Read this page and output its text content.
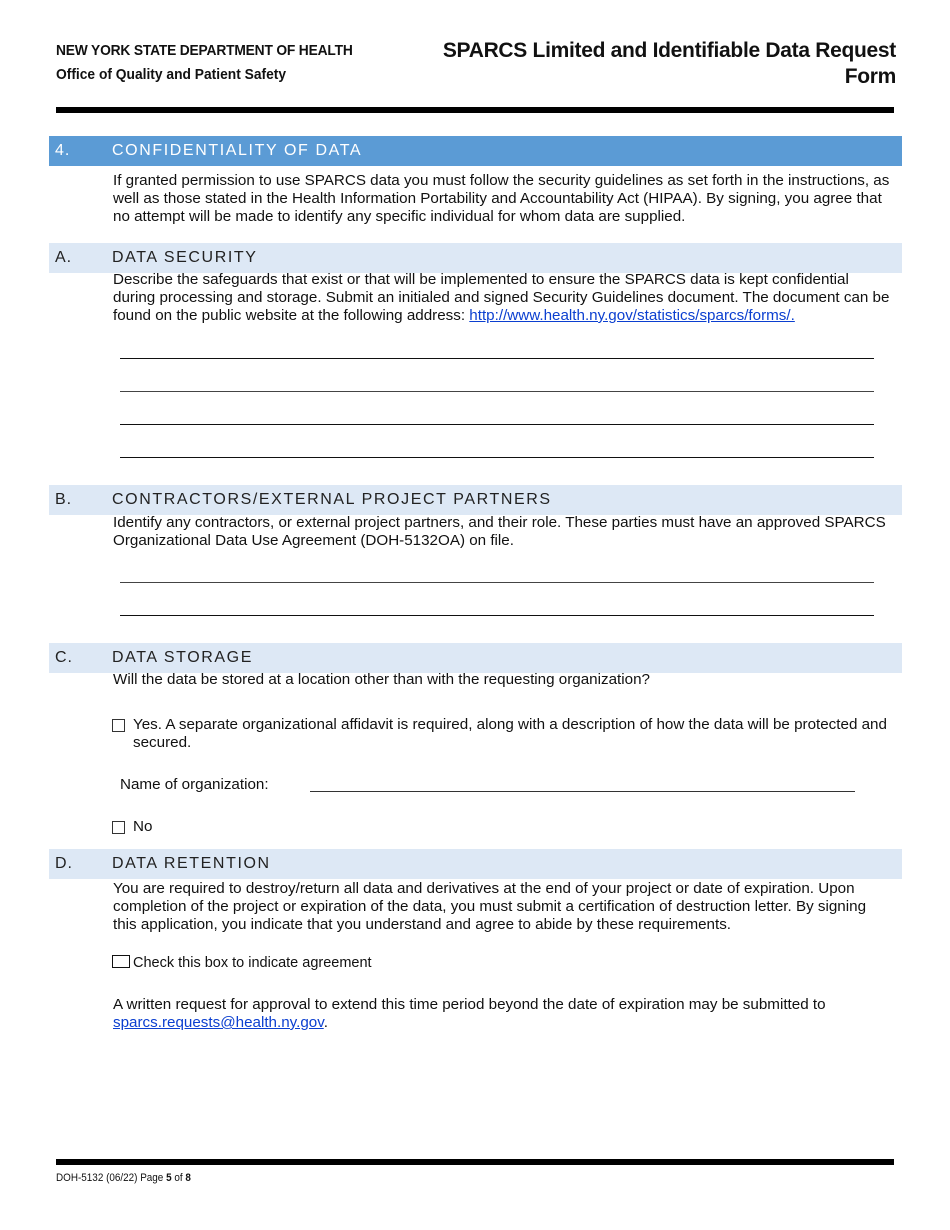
NEW YORK STATE DEPARTMENT OF HEALTH
Office of Quality and Patient Safety
SPARCS Limited and Identifiable Data Request
Form
4.	CONFIDENTIALITY OF DATA
If granted permission to use SPARCS data you must follow the security guidelines as set forth in the instructions, as well as those stated in the Health Information Portability and Accountability Act (HIPAA). By signing, you agree that no attempt will be made to identify any specific individual for whom data are supplied.
A. DATA SECURITY
Describe the safeguards that exist or that will be implemented to ensure the SPARCS data is kept confidential during processing and storage. Submit an initialed and signed Security Guidelines document. The document can be found on the public website at the following address: http://www.health.ny.gov/statistics/sparcs/forms/.
B. CONTRACTORS/EXTERNAL PROJECT PARTNERS
Identify any contractors, or external project partners, and their role. These parties must have an approved SPARCS Organizational Data Use Agreement (DOH-5132OA) on file.
C. DATA STORAGE
Will the data be stored at a location other than with the requesting organization?
Yes. A separate organizational affidavit is required, along with a description of how the data will be protected and secured.
Name of organization:
No
D. DATA RETENTION
You are required to destroy/return all data and derivatives at the end of your project or date of expiration. Upon completion of the project or expiration of the data, you must submit a certification of destruction letter. By signing this application, you indicate that you understand and agree to abide by these requirements.
Check this box to indicate agreement
A written request for approval to extend this time period beyond the date of expiration may be submitted to sparcs.requests@health.ny.gov.
DOH-5132 (06/22) Page 5 of 8
